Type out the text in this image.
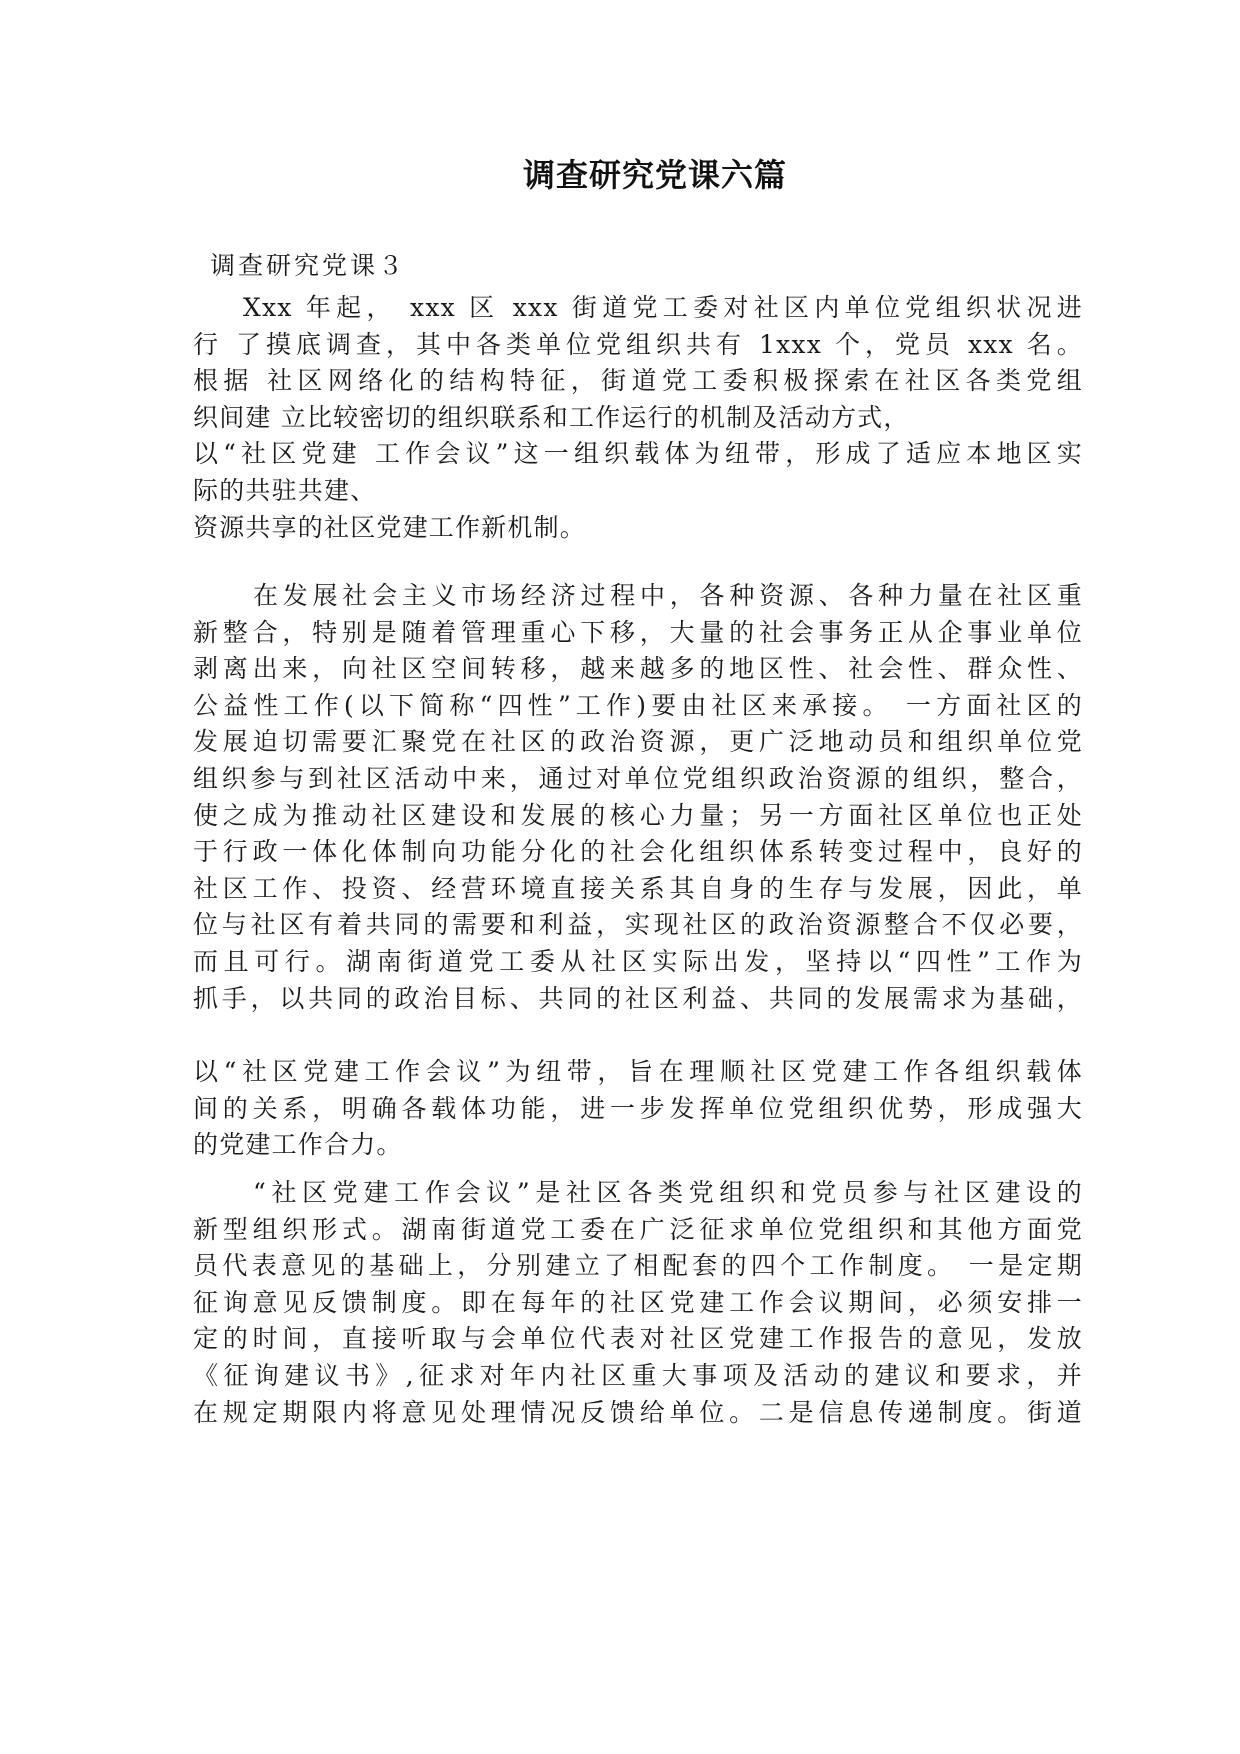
调查研究党课六篇
调查研究党课３
Xxx 年起， xxx 区 xxx 街道党工委对社区内单位党组织状况进
行 了摸底调查，其中各类单位党组织共有 1xxx 个，党员 xxx 名。
根据 社区网络化的结构特征，街道党工委积极探索在社区各类党组
织间建 立比较密切的组织联系和工作运行的机制及活动方式，
以“社区党建 工作会议”这一组织载体为纽带，形成了适应本地区实
际的共驻共建、
资源共享的社区党建工作新机制。
在发展社会主义市场经济过程中，各种资源、各种力量在社区重
新整合，特别是随着管理重心下移，大量的社会事务正从企事业单位
剥离出来，向社区空间转移，越来越多的地区性、社会性、群众性、
公益性工作(以下简称“四性”工作)要由社区来承接。 一方面社区的
发展迫切需要汇聚党在社区的政治资源，更广泛地动员和组织单位党
组织参与到社区活动中来，通过对单位党组织政治资源的组织，整合，
使之成为推动社区建设和发展的核心力量；另一方面社区单位也正处
于行政一体化体制向功能分化的社会化组织体系转变过程中，良好的
社区工作、投资、经营环境直接关系其自身的生存与发展，因此，单
位与社区有着共同的需要和利益，实现社区的政治资源整合不仅必要，
而且可行。湖南街道党工委从社区实际出发，坚持以“四性”工作为
抓手，以共同的政治目标、共同的社区利益、共同的发展需求为基础，
以“社区党建工作会议”为纽带，旨在理顺社区党建工作各组织载体
间的关系，明确各载体功能，进一步发挥单位党组织优势，形成强大
的党建工作合力。
“社区党建工作会议”是社区各类党组织和党员参与社区建设的
新型组织形式。湖南街道党工委在广泛征求单位党组织和其他方面党
员代表意见的基础上，分别建立了相配套的四个工作制度。 一是定期
征询意见反馈制度。即在每年的社区党建工作会议期间，必须安排一
定的时间，直接听取与会单位代表对社区党建工作报告的意见，发放
《征询建议书》,征求对年内社区重大事项及活动的建议和要求，并
在规定期限内将意见处理情况反馈给单位。二是信息传递制度。街道
